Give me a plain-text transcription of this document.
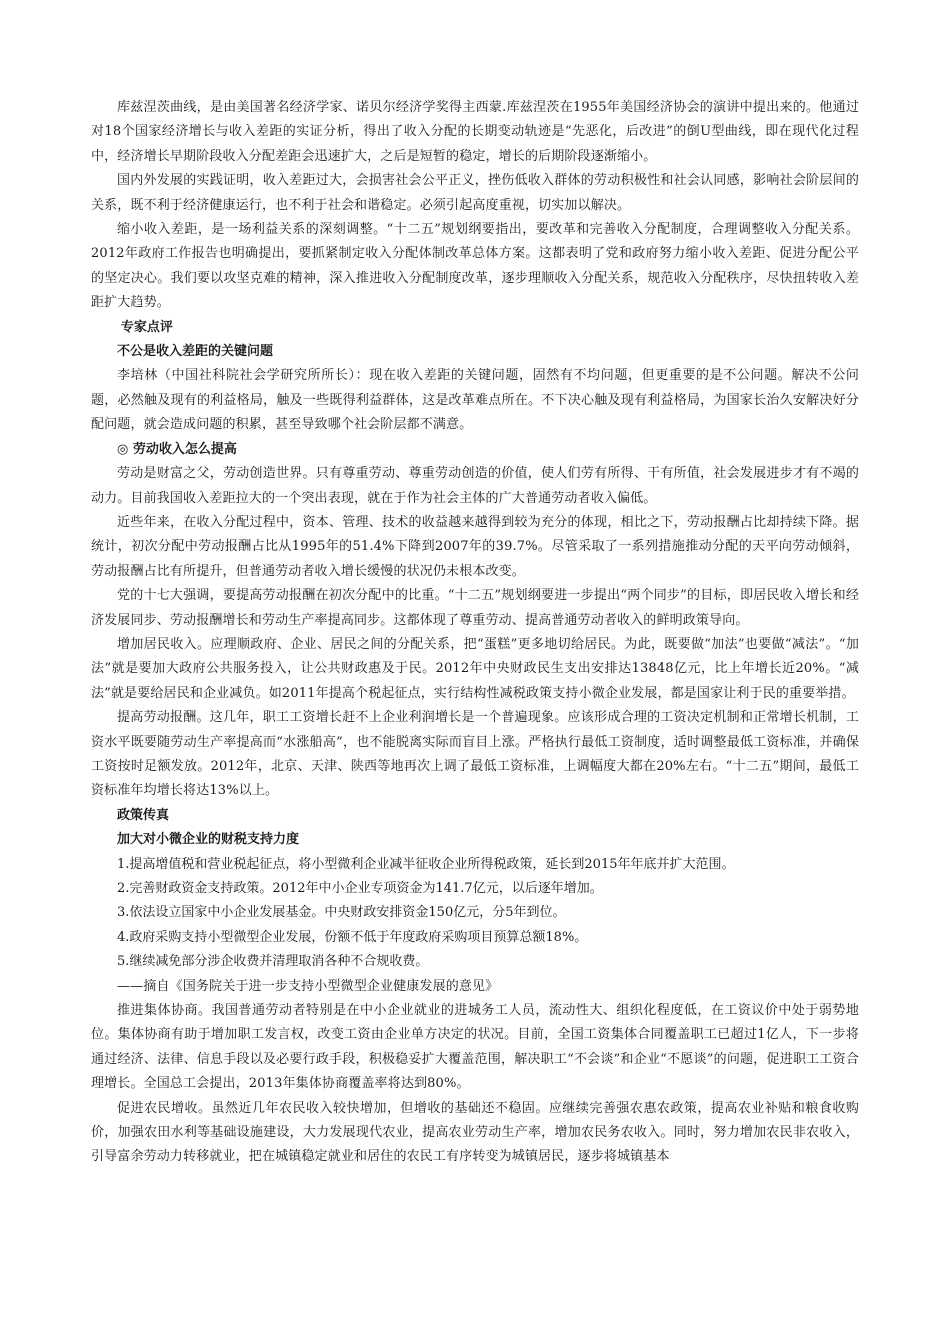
库兹涅茨曲线，是由美国著名经济学家、诺贝尔经济学奖得主西蒙.库兹涅茨在1955年美国经济协会的演讲中提出来的。他通过对18个国家经济增长与收入差距的实证分析，得出了收入分配的长期变动轨迹是“先恶化，后改进”的倒U型曲线，即在现代化过程中，经济增长早期阶段收入分配差距会迅速扩大，之后是短暂的稳定，增长的后期阶段逐渐缩小。

国内外发展的实践证明，收入差距过大，会损害社会公平正义，挫伤低收入群体的劳动积极性和社会认同感，影响社会阶层间的关系，既不利于经济健康运行，也不利于社会和谐稳定。必须引起高度重视，切实加以解决。

缩小收入差距，是一场利益关系的深刻调整。“十二五”规划纲要指出，要改革和完善收入分配制度，合理调整收入分配关系。2012年政府工作报告也明确提出，要抓紧制定收入分配体制改革总体方案。这都表明了党和政府努力缩小收入差距、促进分配公平的坚定决心。我们要以攻坚克难的精神，深入推进收入分配制度改革，逐步理顺收入分配关系，规范收入分配秩序，尽快扭转收入差距扩大趋势。

专家点评

不公是收入差距的关键问题

李培林（中国社科院社会学研究所所长）：现在收入差距的关键问题，固然有不均问题，但更重要的是不公问题。解决不公问题，必然触及现有的利益格局，触及一些既得利益群体，这是改革难点所在。不下决心触及现有利益格局，为国家长治久安解决好分配问题，就会造成问题的积累，甚至导致哪个社会阶层都不满意。

◎ 劳动收入怎么提高

劳动是财富之父，劳动创造世界。只有尊重劳动、尊重劳动创造的价值，使人们劳有所得、干有所值，社会发展进步才有不竭的动力。目前我国收入差距拉大的一个突出表现，就在于作为社会主体的广大普通劳动者收入偏低。

近些年来，在收入分配过程中，资本、管理、技术的收益越来越得到较为充分的体现，相比之下，劳动报酬占比却持续下降。据统计，初次分配中劳动报酬占比从1995年的51.4%下降到2007年的39.7%。尽管采取了一系列措施推动分配的天平向劳动倾斜，劳动报酬占比有所提升，但普通劳动者收入增长缓慢的状况仍未根本改变。

党的十七大强调，要提高劳动报酬在初次分配中的比重。“十二五”规划纲要进一步提出“两个同步”的目标，即居民收入增长和经济发展同步、劳动报酬增长和劳动生产率提高同步。这都体现了尊重劳动、提高普通劳动者收入的鲜明政策导向。

增加居民收入。应理顺政府、企业、居民之间的分配关系，把“蛋糕”更多地切给居民。为此，既要做“加法”也要做“减法”。“加法”就是要加大政府公共服务投入，让公共财政惠及于民。2012年中央财政民生支出安排达13848亿元，比上年增长近20%。“减法”就是要给居民和企业减负。如2011年提高个税起征点，实行结构性减税政策支持小微企业发展，都是国家让利于民的重要举措。

提高劳动报酬。这几年，职工工资增长赶不上企业利润增长是一个普遍现象。应该形成合理的工资决定机制和正常增长机制，工资水平既要随劳动生产率提高而“水涨船高”，也不能脱离实际而盲目上涨。严格执行最低工资制度，适时调整最低工资标准，并确保工资按时足额发放。2012年，北京、天津、陕西等地再次上调了最低工资标准，上调幅度大都在20%左右。“十二五”期间，最低工资标准年均增长将达13%以上。

政策传真

加大对小微企业的财税支持力度

1.提高增值税和营业税起征点，将小型微利企业减半征收企业所得税政策，延长到2015年年底并扩大范围。

2.完善财政资金支持政策。2012年中小企业专项资金为141.7亿元，以后逐年增加。

3.依法设立国家中小企业发展基金。中央财政安排资金150亿元，分5年到位。

4.政府采购支持小型微型企业发展，份额不低于年度政府采购项目预算总额18%。

5.继续减免部分涉企收费并清理取消各种不合规收费。

——摘自《国务院关于进一步支持小型微型企业健康发展的意见》

推进集体协商。我国普通劳动者特别是在中小企业就业的进城务工人员，流动性大、组织化程度低，在工资议价中处于弱势地位。集体协商有助于增加职工发言权，改变工资由企业单方决定的状况。目前，全国工资集体合同覆盖职工已超过1亿人，下一步将通过经济、法律、信息手段以及必要行政手段，积极稳妥扩大覆盖范围，解决职工“不会谈”和企业“不愿谈”的问题，促进职工工资合理增长。全国总工会提出，2013年集体协商覆盖率将达到80%。

促进农民增收。虽然近几年农民收入较快增加，但增收的基础还不稳固。应继续完善强农惠农政策，提高农业补贴和粮食收购价，加强农田水利等基础设施建设，大力发展现代农业，提高农业劳动生产率，增加农民务农收入。同时，努力增加农民非农收入，引导富余劳动力转移就业，把在城镇稳定就业和居住的农民工有序转变为城镇居民，逐步将城镇基本
